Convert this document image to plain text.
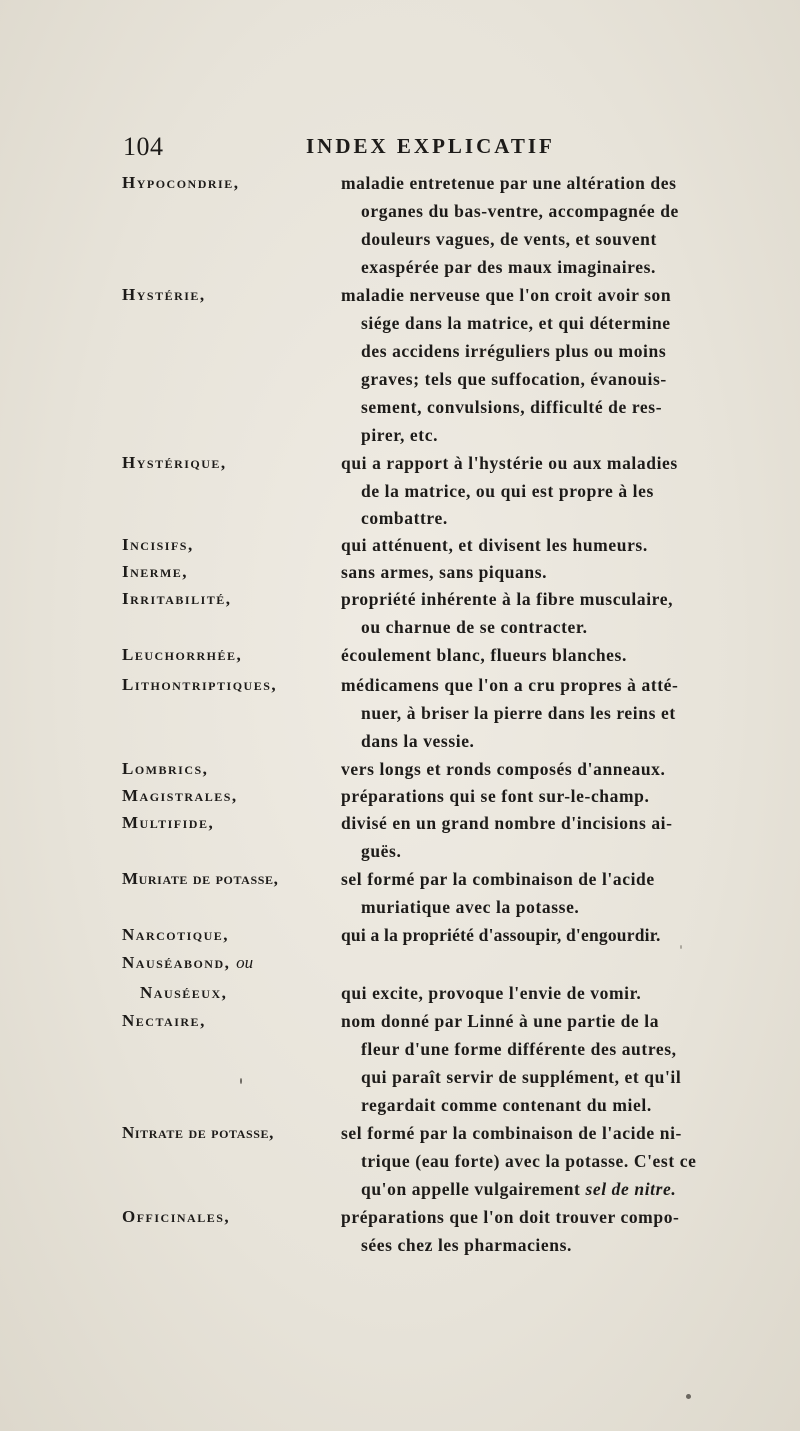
104	INDEX EXPLICATIF
Hypocondrie,	maladie entretenue par une altération des
organes du bas-ventre, accompagnée de
douleurs vagues, de vents, et souvent
exaspérée par des maux imaginaires.
Hystérie,	maladie nerveuse que l'on croit avoir son
siége dans la matrice, et qui détermine
des accidens irréguliers plus ou moins
graves; tels que suffocation, évanouis-
sement, convulsions, difficulté de res-
pirer, etc.
Hystérique,	qui a rapport à l'hystérie ou aux maladies
de la matrice, ou qui est propre à les
combattre.
Incisifs,	qui atténuent, et divisent les humeurs.
Inerme,	sans armes, sans piquans.
Irritabilité,	propriété inhérente à la fibre musculaire,
ou charnue de se contracter.
Leuchorrhée,	écoulement blanc, flueurs blanches.
Lithontriptiques,	médicamens que l'on a cru propres à atté-
nuer, à briser la pierre dans les reins et
dans la vessie.
Lombrics,	vers longs et ronds composés d'anneaux.
Magistrales,	préparations qui se font sur-le-champ.
Multifide,	divisé en un grand nombre d'incisions ai-
guës.
Muriate de potasse,	sel formé par la combinaison de l'acide
muriatique avec la potasse.
Narcotique,	qui a la propriété d'assoupir, d'engourdir.
Nauséabond, ou
Nauséeux,	qui excite, provoque l'envie de vomir.
Nectaire,	nom donné par Linné à une partie de la
fleur d'une forme différente des autres,
qui paraît servir de supplément, et qu'il
regardait comme contenant du miel.
Nitrate de potasse,	sel formé par la combinaison de l'acide ni-
trique (eau forte) avec la potasse. C'est ce
qu'on appelle vulgairement sel de nitre.
Officinales,	préparations que l'on doit trouver compo-
sées chez les pharmaciens.
